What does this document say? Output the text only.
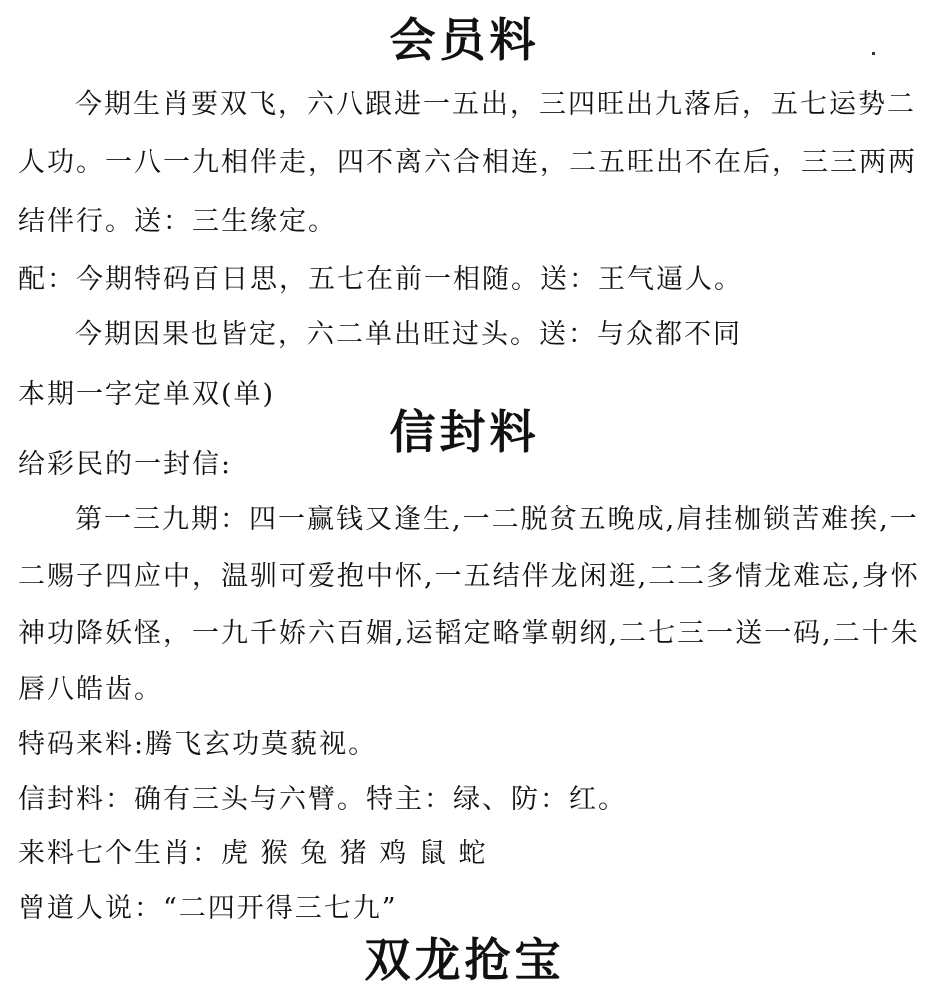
会员料
今期生肖要双飞，六八跟进一五出，三四旺出九落后，五七运势二
人功。一八一九相伴走，四不离六合相连，二五旺出不在后，三三两两
结伴行。送：三生缘定。
配：今期特码百日思，五七在前一相随。送：王气逼人。
今期因果也皆定，六二单出旺过头。送：与众都不同
本期一字定单双(单)
信封料
给彩民的一封信:
第一三九期：四一赢钱又逢生,一二脱贫五晚成,肩挂枷锁苦难挨,一
二赐子四应中，温驯可爱抱中怀,一五结伴龙闲逛,二二多情龙难忘,身怀
神功降妖怪，一九千娇六百媚,运韬定略掌朝纲,二七三一送一码,二十朱
唇八皓齿。
特码来料:腾飞玄功莫藐视。
信封料：确有三头与六臂。特主：绿、防：红。
来料七个生肖：虎 猴 兔 猪 鸡 鼠 蛇
曾道人说：“二四开得三七九”
双龙抢宝
